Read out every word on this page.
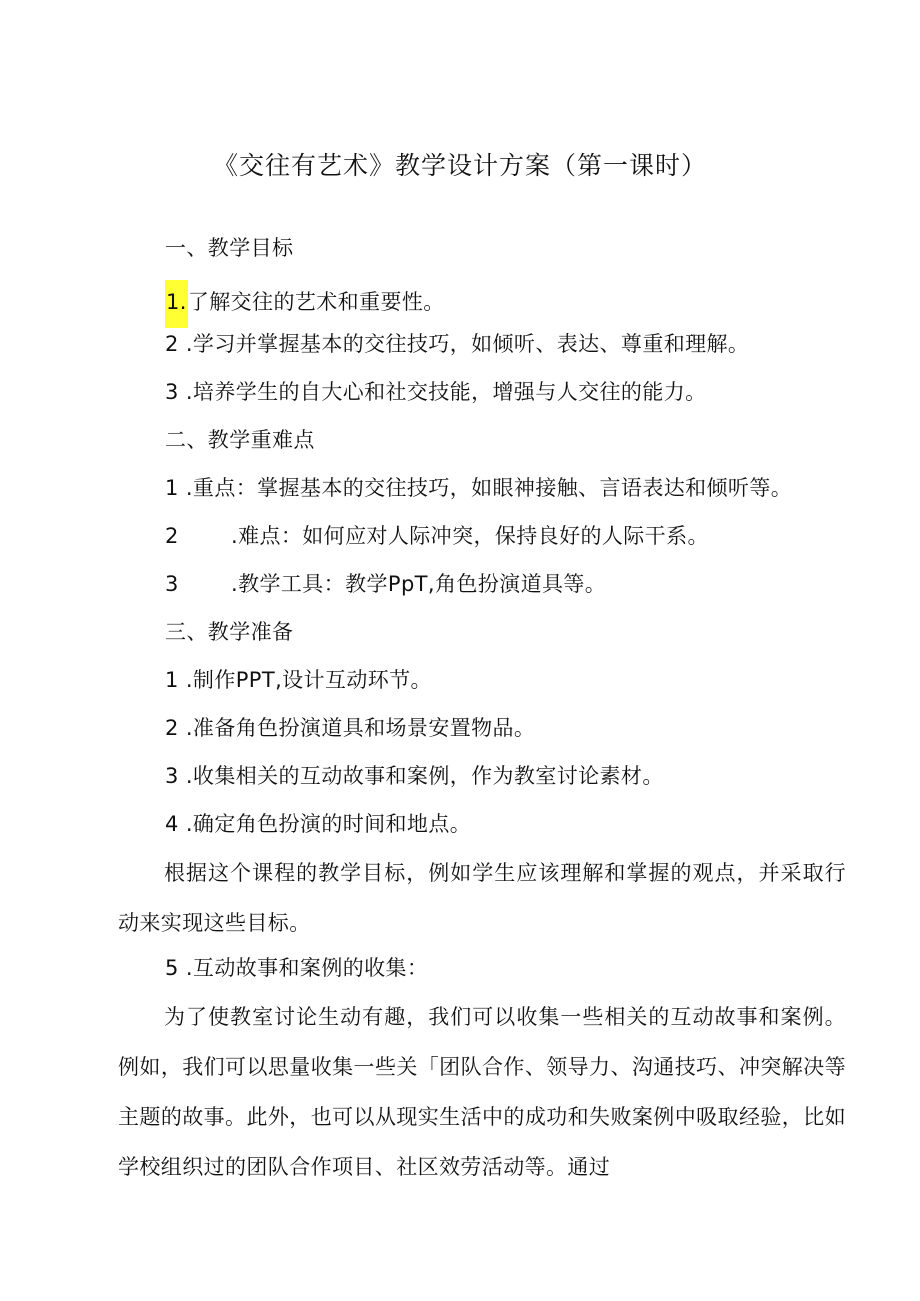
《交往有艺术》教学设计方案（第一课时）
一、教学目标
1.了解交往的艺术和重要性。
2 .学习并掌握基本的交往技巧，如倾听、表达、尊重和理解。
3 .培养学生的自大心和社交技能，增强与人交往的能力。
二、教学重难点
1 .重点：掌握基本的交往技巧，如眼神接触、言语表达和倾听等。
2 .难点：如何应对人际冲突，保持良好的人际干系。
3 .教学工具：教学PpT,角色扮演道具等。
三、教学准备
1 .制作PPT,设计互动环节。
2 .准备角色扮演道具和场景安置物品。
3 .收集相关的互动故事和案例，作为教室讨论素材。
4 .确定角色扮演的时间和地点。
根据这个课程的教学目标，例如学生应该理解和掌握的观点，并采取行动来实现这些目标。
5 .互动故事和案例的收集：
为了使教室讨论生动有趣，我们可以收集一些相关的互动故事和案例。例如，我们可以思量收集一些关「团队合作、领导力、沟通技巧、冲突解决等主题的故事。此外，也可以从现实生活中的成功和失败案例中吸取经验，比如学校组织过的团队合作项目、社区效劳活动等。通过
